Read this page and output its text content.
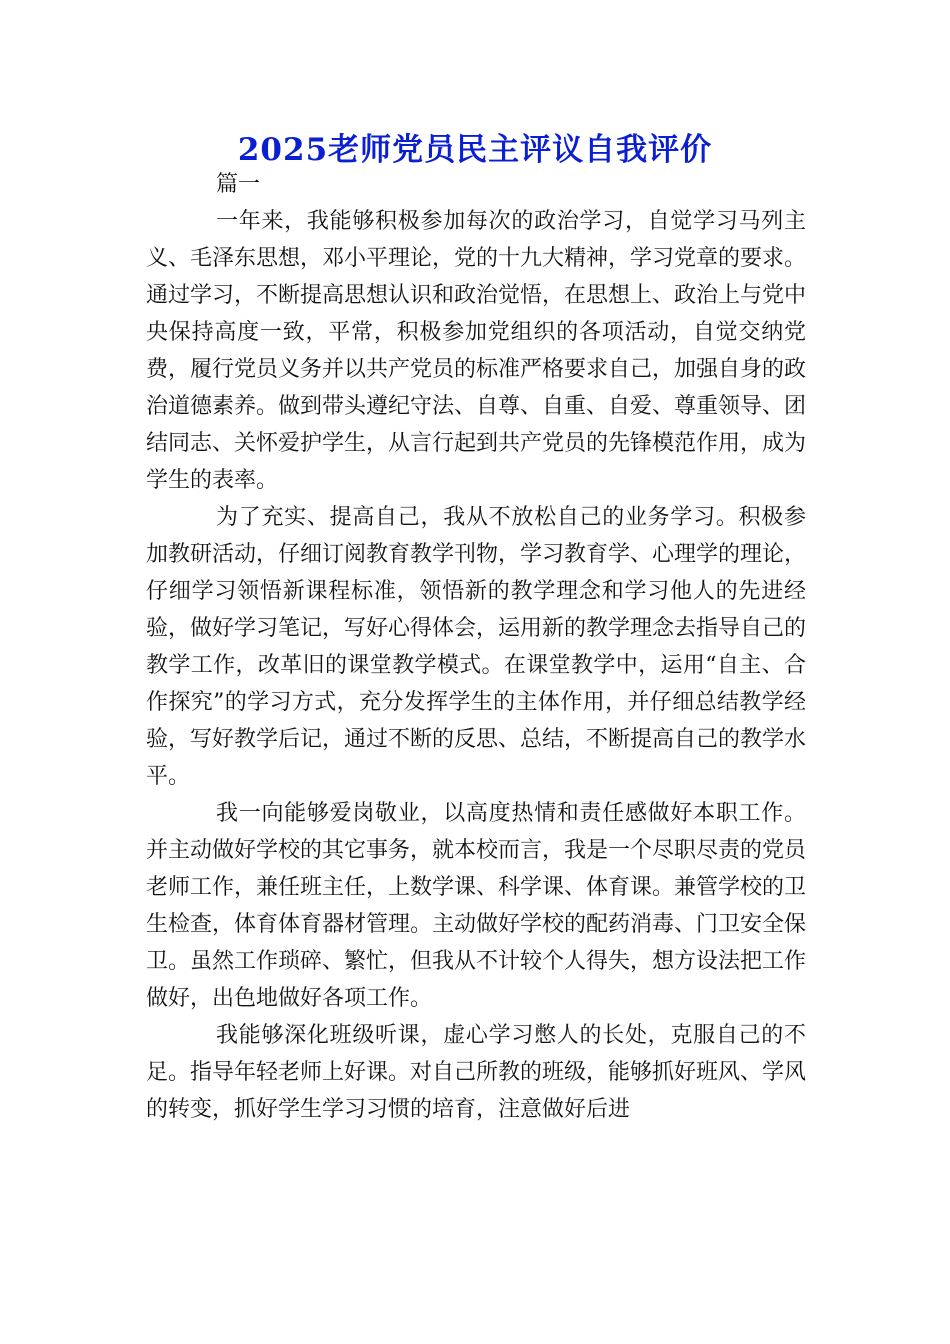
2025老师党员民主评议自我评价

篇一

一年来，我能够积极参加每次的政治学习，自觉学习马列主义、毛泽东思想，邓小平理论，党的十九大精神，学习党章的要求。通过学习，不断提高思想认识和政治觉悟，在思想上、政治上与党中央保持高度一致，平常，积极参加党组织的各项活动，自觉交纳党费，履行党员义务并以共产党员的标准严格要求自己，加强自身的政治道德素养。做到带头遵纪守法、自尊、自重、自爱、尊重领导、团结同志、关怀爱护学生，从言行起到共产党员的先锋模范作用，成为学生的表率。

为了充实、提高自己，我从不放松自己的业务学习。积极参加教研活动，仔细订阅教育教学刊物，学习教育学、心理学的理论，仔细学习领悟新课程标准，领悟新的教学理念和学习他人的先进经验，做好学习笔记，写好心得体会，运用新的教学理念去指导自己的教学工作，改革旧的课堂教学模式。在课堂教学中，运用“自主、合作探究”的学习方式，充分发挥学生的主体作用，并仔细总结教学经验，写好教学后记，通过不断的反思、总结，不断提高自己的教学水平。

我一向能够爱岗敬业，以高度热情和责任感做好本职工作。并主动做好学校的其它事务，就本校而言，我是一个尽职尽责的党员老师工作，兼任班主任，上数学课、科学课、体育课。兼管学校的卫生检查，体育体育器材管理。主动做好学校的配药消毒、门卫安全保卫。虽然工作琐碎、繁忙，但我从不计较个人得失，想方设法把工作做好，出色地做好各项工作。

我能够深化班级听课，虚心学习憋人的长处，克服自己的不足。指导年轻老师上好课。对自己所教的班级，能够抓好班风、学风的转变，抓好学生学习习惯的培育，注意做好后进
